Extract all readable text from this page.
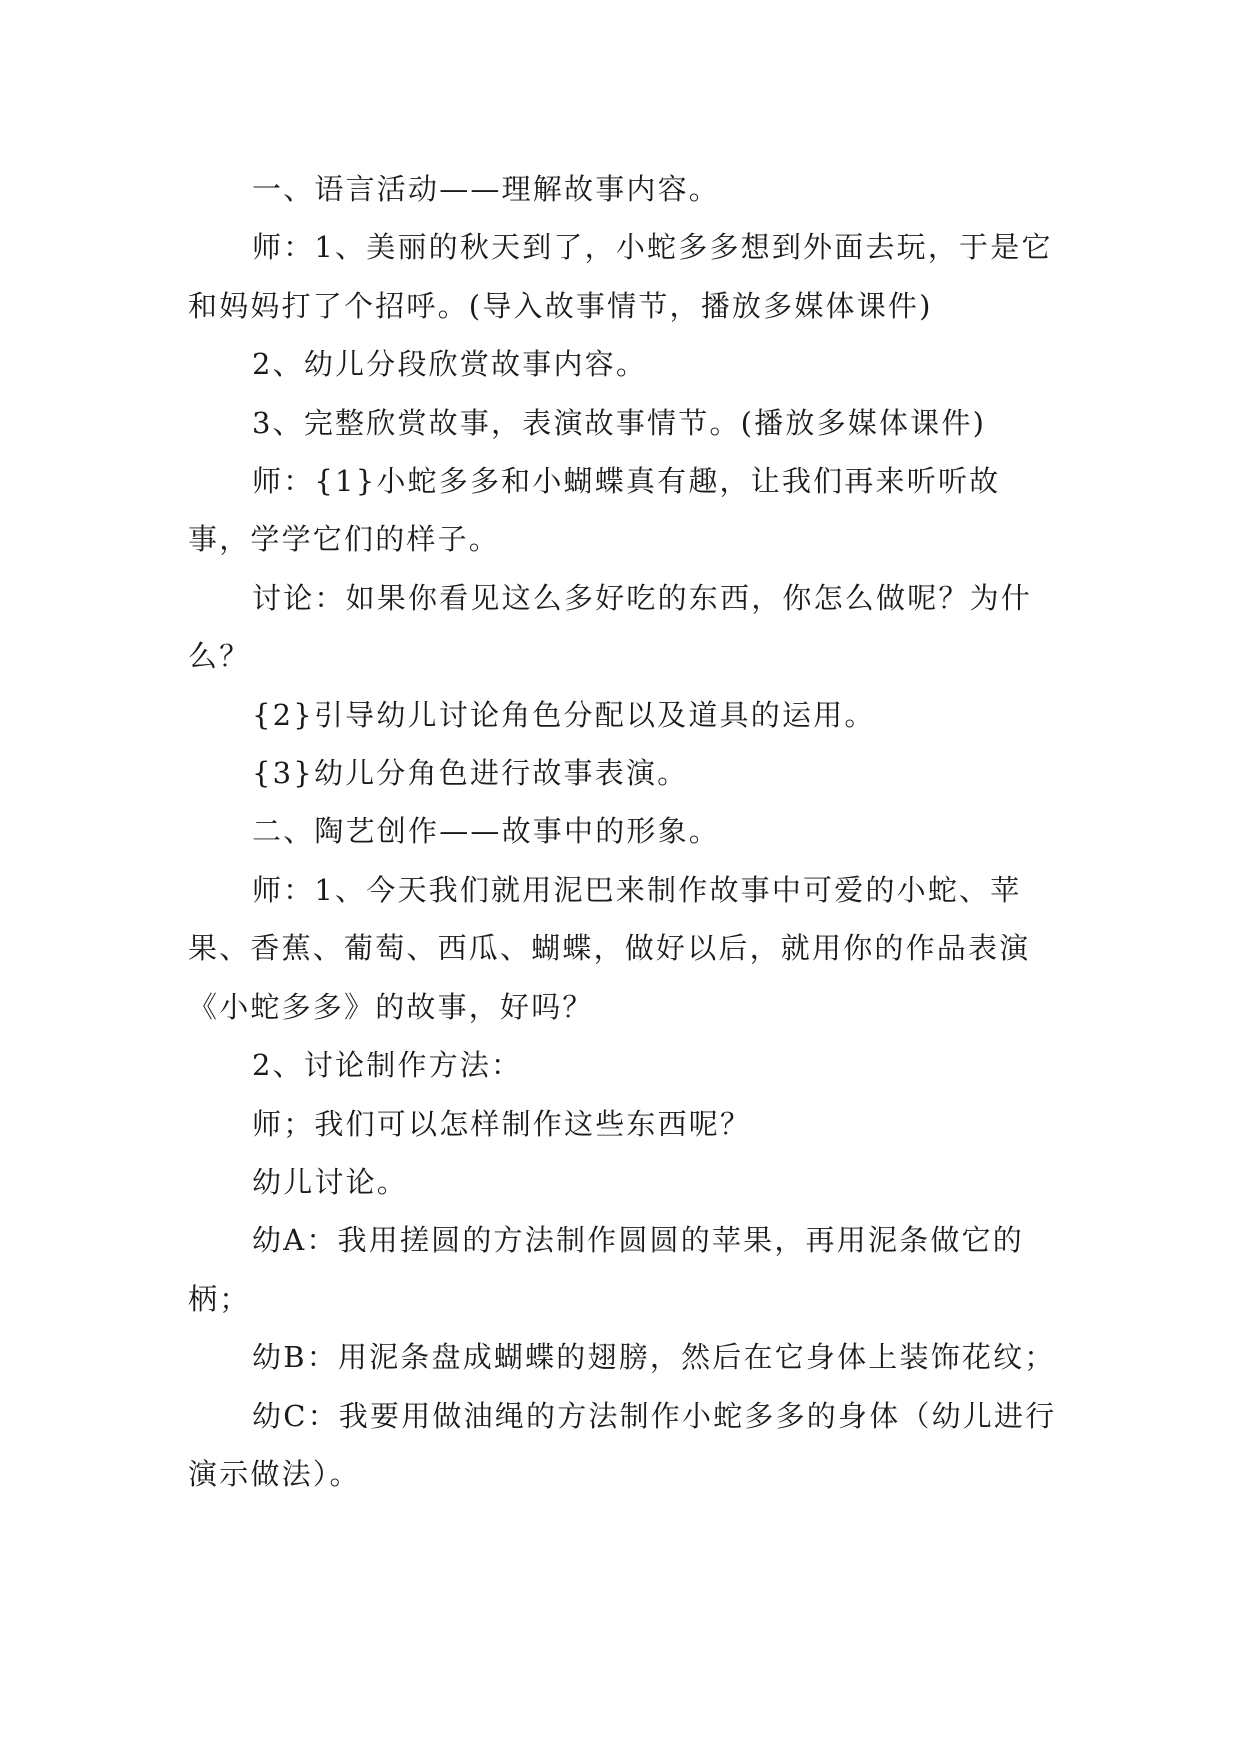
一、语言活动——理解故事内容。

师：1、美丽的秋天到了，小蛇多多想到外面去玩，于是它和妈妈打了个招呼。(导入故事情节，播放多媒体课件)

2、幼儿分段欣赏故事内容。

3、完整欣赏故事，表演故事情节。(播放多媒体课件)

师：{1}小蛇多多和小蝴蝶真有趣，让我们再来听听故事，学学它们的样子。

讨论：如果你看见这么多好吃的东西，你怎么做呢？为什么？

{2}引导幼儿讨论角色分配以及道具的运用。

{3}幼儿分角色进行故事表演。

二、陶艺创作——故事中的形象。

师：1、今天我们就用泥巴来制作故事中可爱的小蛇、苹果、香蕉、葡萄、西瓜、蝴蝶，做好以后，就用你的作品表演《小蛇多多》的故事，好吗？

2、讨论制作方法：

师；我们可以怎样制作这些东西呢？

幼儿讨论。

幼A：我用搓圆的方法制作圆圆的苹果，再用泥条做它的柄；

幼B：用泥条盘成蝴蝶的翅膀，然后在它身体上装饰花纹；

幼C：我要用做油绳的方法制作小蛇多多的身体（幼儿进行演示做法）。
